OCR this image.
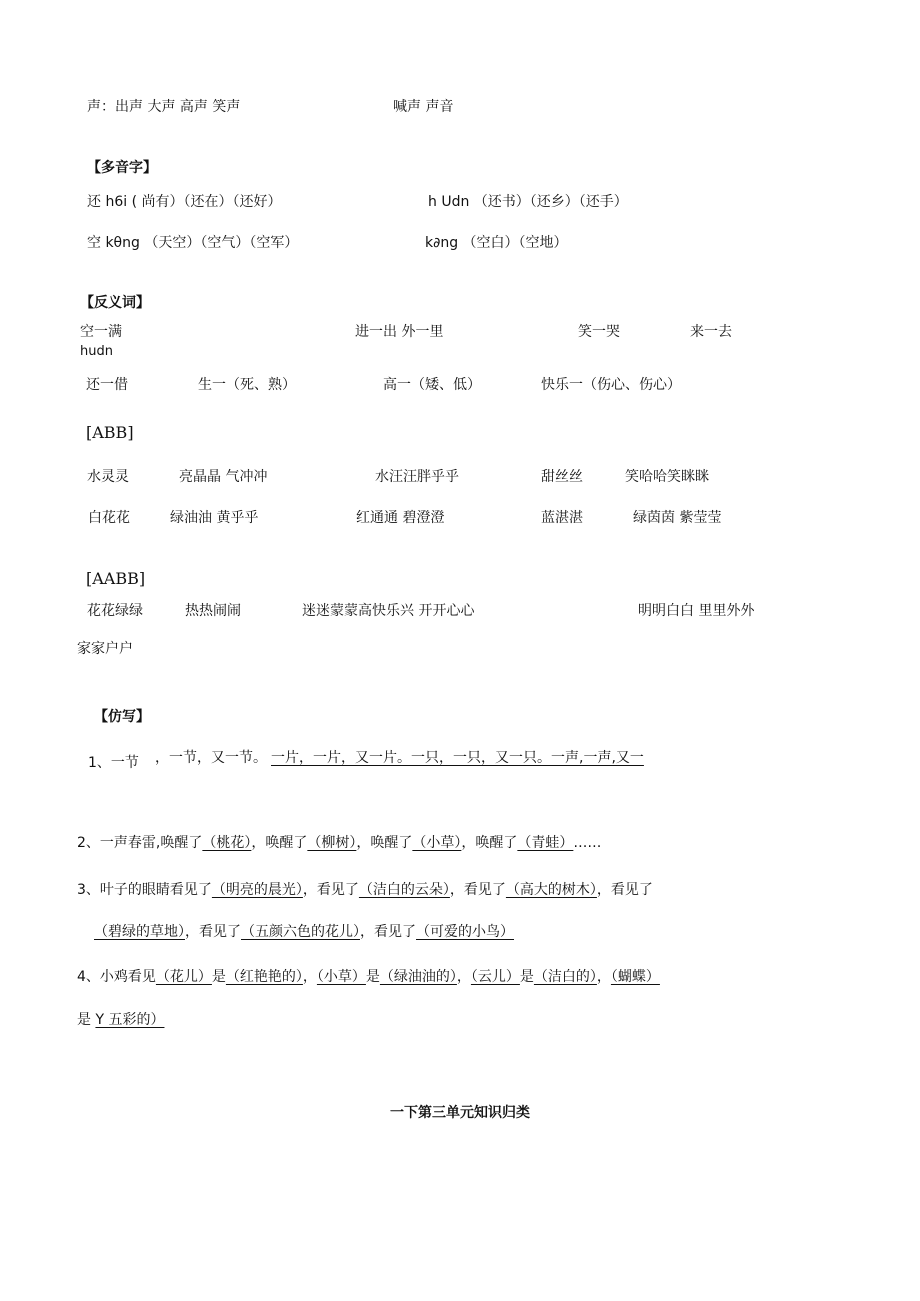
声：出声 大声 高声 笑声	喊声 声音
【多音字】
还 h6i ( 尚有）（还在）（还好）	h Udn （还书）（还乡）（还手）
空 kθng （天空）（空气）（空军）	k∂ng （空白）（空地）
【反义词】
空一满	进一出 外一里	笑一哭	来一去
hudn
还一借	生一（死、熟）	高一（矮、低）	快乐一（伤心、伤心）
[ABB]
水灵灵	亮晶晶 气冲冲	水汪汪胖乎乎	甜丝丝	笑哈哈笑眯眯
白花花	绿油油 黄乎乎	红通通 碧澄澄	蓝湛湛	绿茵茵 紫莹莹
[AABB]
花花绿绿	热热闹闹	迷迷蒙蒙高快乐兴 开开心心	明明白白 里里外外
家家户户
【仿写】
1、一节 ，一节，又一节。 一片，一片，又一片。一只，一只，又一只。一声,一声,又一
2、一声春雷,唤醒了（桃花），唤醒了（柳树），唤醒了（小草），唤醒了（青蛙）……
3、叶子的眼睛看见了（明亮的晨光），看见了（洁白的云朵），看见了（高大的树木），看见了
（碧绿的草地），看见了（五颜六色的花儿），看见了（可爱的小鸟）
4、小鸡看见（花儿）是（红艳艳的），（小草）是（绿油油的），（云儿）是（洁白的），（蝴蝶）
是 Y 五彩的）
一下第三单元知识归类
